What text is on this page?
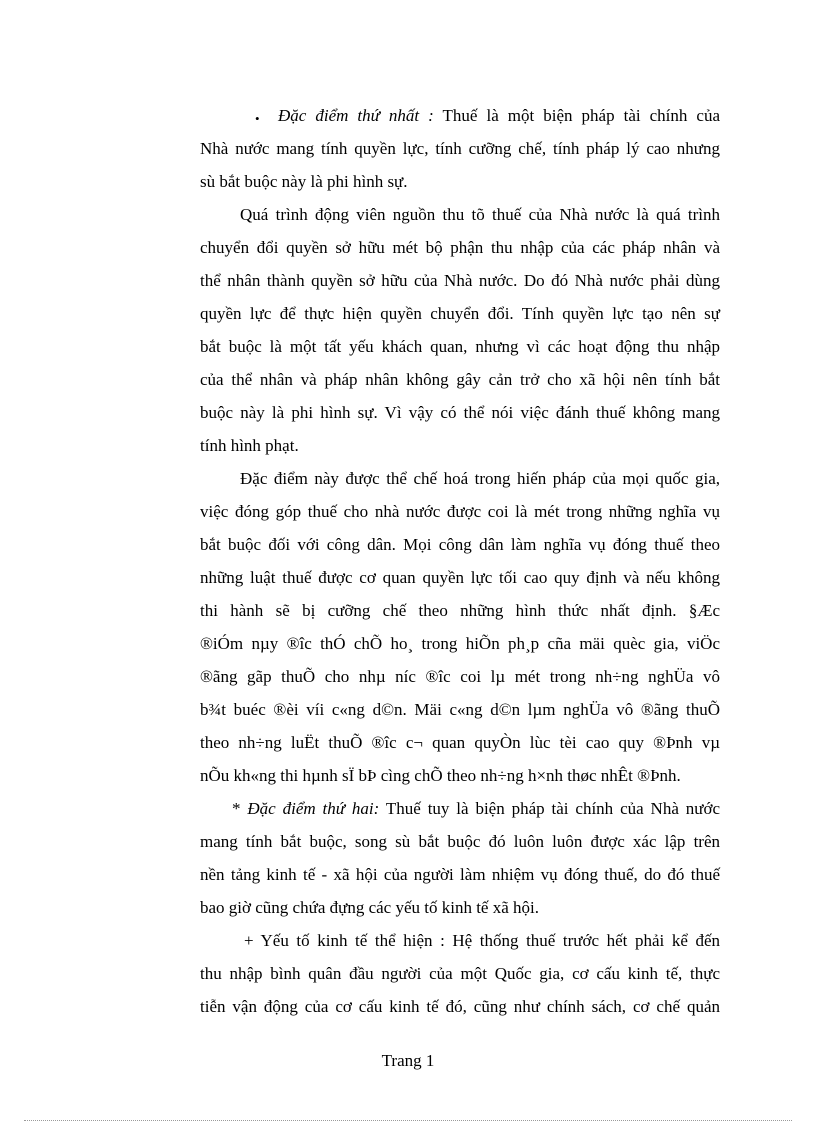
• Đặc điểm thứ nhất : Thuế là một biện pháp tài chính của
Nhà nước mang tính quyền lực, tính cưỡng chế, tính pháp lý cao nhưng
sù bắt buộc này là phi hình sự.
Quá trình động viên nguồn thu tõ thuế của Nhà nước là quá trình
chuyển đổi quyền sở hữu mét bộ phận thu nhập của các pháp nhân và
thể nhân thành quyền sở hữu của Nhà nước. Do đó Nhà nước phải dùng
quyền lực để thực hiện quyền chuyển đổi. Tính quyền lực tạo nên sự
bắt buộc là một tất yếu khách quan, nhưng vì các hoạt động thu nhập
của thể nhân và pháp nhân không gây cản trở cho xã hội nên tính bắt
buộc này là phi hình sự. Vì vậy có thể nói việc đánh thuế không mang
tính hình phạt.
Đặc điểm này được thể chế hoá trong hiến pháp của mọi quốc gia,
việc đóng góp thuế cho nhà nước được coi là mét trong những nghĩa vụ
bắt buộc đối với công dân. Mọi công dân làm nghĩa vụ đóng thuế theo
những luật thuế được cơ quan quyền lực tối cao quy định và nếu không
thi hành sẽ bị cưỡng chế theo những hình thức nhất định. §Æc
®iÓm nµy ®îc thÓ chÕ ho¸ trong hiÕn ph¸p cña mäi quèc gia, viÖc
®ãng gãp thuÕ cho nhµ níc ®îc coi lµ mét trong nh÷ng nghÜa vô
b¾t buéc ®èi víi c«ng d©n. Mäi c«ng d©n lµm nghÜa vô ®ãng thuÕ
theo nh÷ng luËt thuÕ ®îc c¬ quan quyÒn lùc tèi cao quy ®Þnh vµ
nÕu kh«ng thi hµnh sÏ bÞ cìng chÕ theo nh÷ng h×nh thøc nhÊt ®Þnh.
* Đặc điểm thứ hai: Thuế tuy là biện pháp tài chính của Nhà nước
mang tính bắt buộc, song sù bắt buộc đó luôn luôn được xác lập trên
nền tảng kinh tế - xã hội của người làm nhiệm vụ đóng thuế, do đó thuế
bao giờ cũng chứa đựng các yếu tố kinh tế xã hội.
+ Yếu tố kinh tế thể hiện : Hệ thống thuế trước hết phải kể đến
thu nhập bình quân đầu người của một Quốc gia, cơ cấu kinh tế, thực
tiễn vận động của cơ cấu kinh tế đó, cũng như chính sách, cơ chế quản
Trang 1
